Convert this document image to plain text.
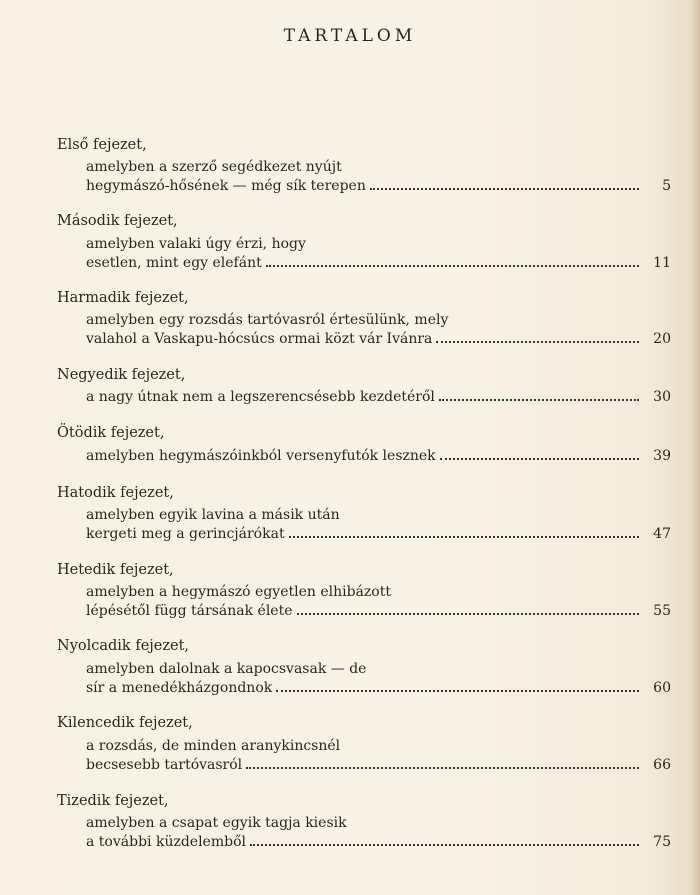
TARTALOM
Első fejezet,
amelyben a szerző segédkezet nyújt
hegymászó-hősének — még sík terepen	5
Második fejezet,
amelyben valaki úgy érzi, hogy
esetlen, mint egy elefánt	11
Harmadik fejezet,
amelyben egy rozsdás tartóvasról értesülünk, mely
valahol a Vaskapu-hócsúcs ormai közt vár Ivánra	20
Negyedik fejezet,
a nagy útnak nem a legszerencsésebb kezdetéről	30
Ötödik fejezet,
amelyben hegymászóinkból versenyfutók lesznek	39
Hatodik fejezet,
amelyben egyik lavina a másik után
kergeti meg a gerincjárókat	47
Hetedik fejezet,
amelyben a hegymászó egyetlen elhibázott
lépésétől függ társának élete	55
Nyolcadik fejezet,
amelyben dalolnak a kapocsvasak — de
sír a menedékházgondnok	60
Kilencedik fejezet,
a rozsdás, de minden aranykincsnél
becsesebb tartóvasról	66
Tizedik fejezet,
amelyben a csapat egyik tagja kiesik
a további küzdelemből	75
